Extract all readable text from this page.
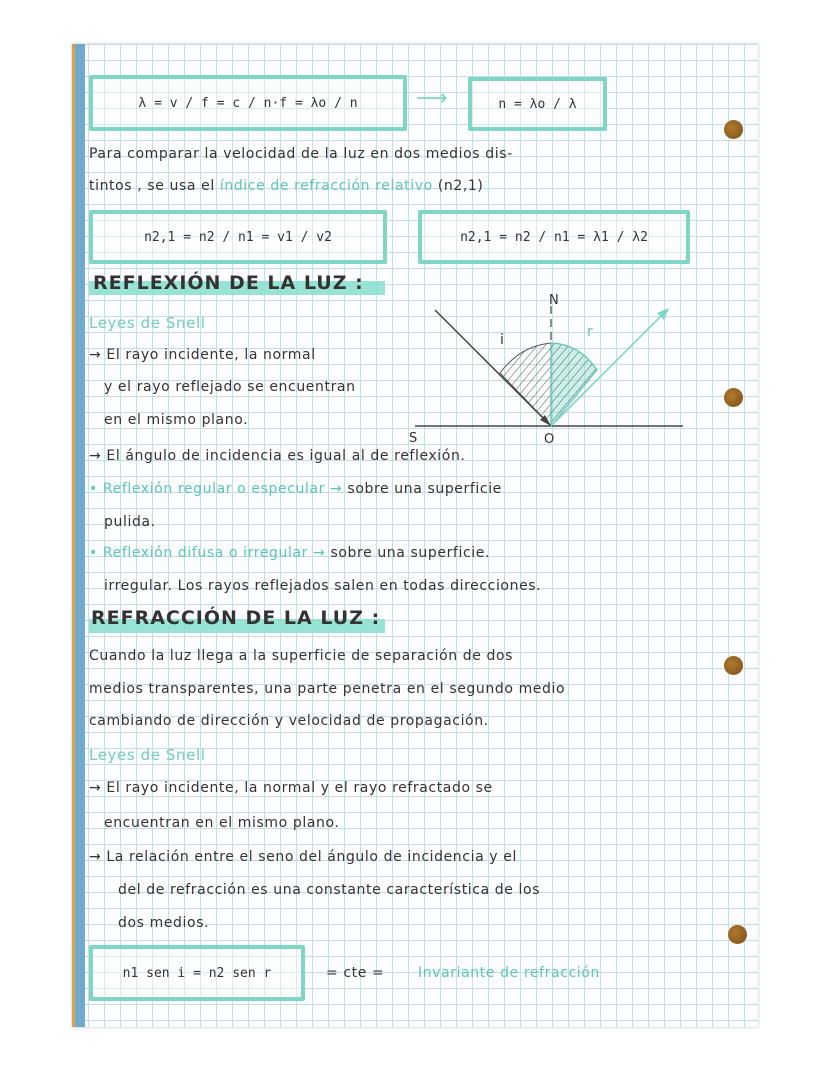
λ = v / f = c / n·f = λo / n	⟶	n = λo / λ
Para comparar la velocidad de la luz en dos medios dis-
tintos , se usa el índice de refracción relativo (n2,1)
n2,1 = n2 / n1 = v1 / v2	n2,1 = n2 / n1 = λ1 / λ2
REFLEXIÓN DE LA LUZ :
Leyes de Snell
→ El rayo incidente, la normal
y el rayo reflejado se encuentran
en el mismo plano.
→ El ángulo de incidencia es igual al de reflexión.
• Reflexión regular o especular → sobre una superficie
pulida.
• Reflexión difusa o irregular → sobre una superficie.
irregular. Los rayos reflejados salen en todas direcciones.
N
i	r
S	O
REFRACCIÓN DE LA LUZ :
Cuando la luz llega a la superficie de separación de dos
medios transparentes, una parte penetra en el segundo medio
cambiando de dirección y velocidad de propagación.
Leyes de Snell
→ El rayo incidente, la normal y el rayo refractado se
encuentran en el mismo plano.
→ La relación entre el seno del ángulo de incidencia y el
del de refracción es una constante característica de los
dos medios.
n1 sen i = n2 sen r	= cte = Invariante de refracción
